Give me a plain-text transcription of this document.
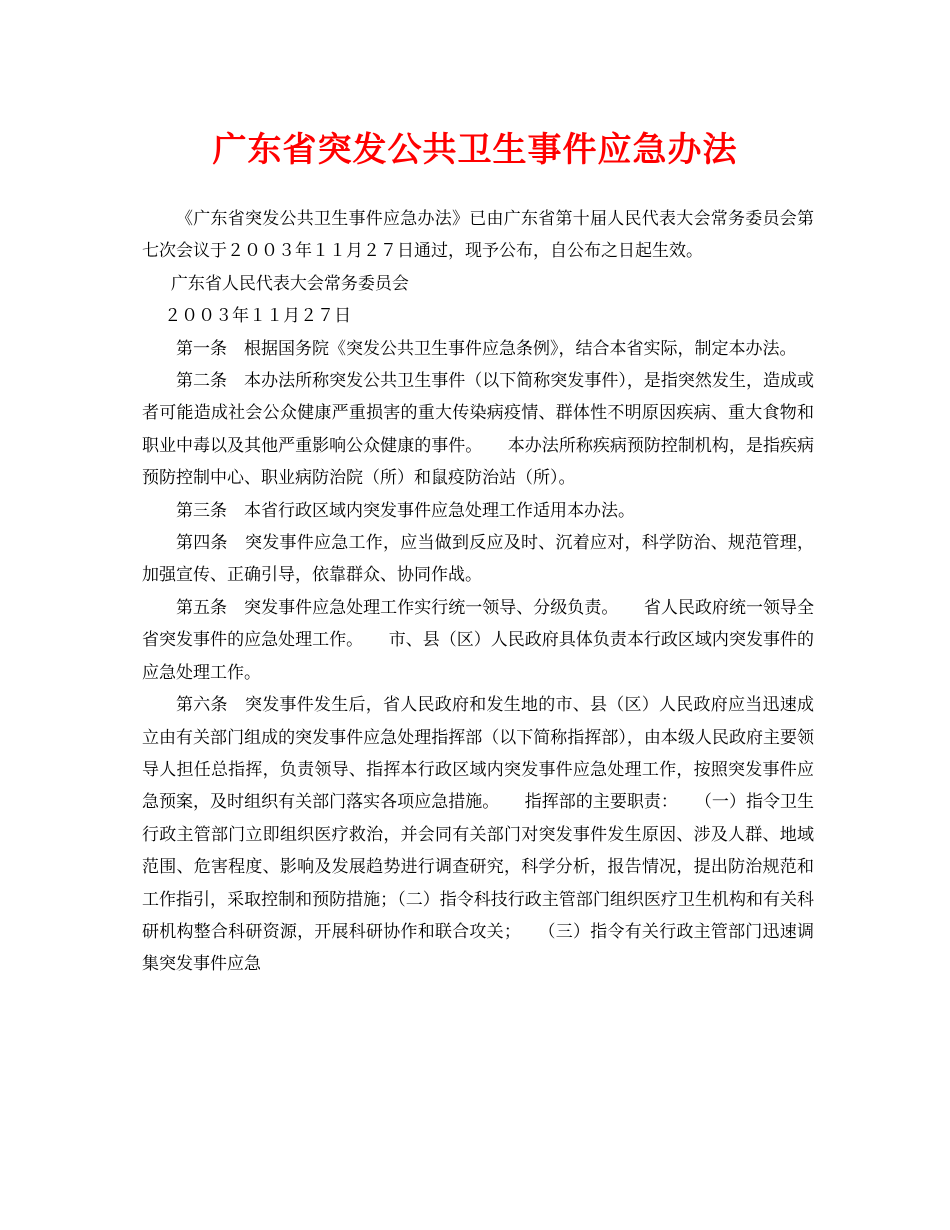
广东省突发公共卫生事件应急办法

《广东省突发公共卫生事件应急办法》已由广东省第十届人民代表大会常务委员会第七次会议于２００３年１１月２７日通过，现予公布，自公布之日起生效。

广东省人民代表大会常务委员会

２００３年１１月２７日

第一条　根据国务院《突发公共卫生事件应急条例》，结合本省实际，制定本办法。

第二条　本办法所称突发公共卫生事件（以下简称突发事件），是指突然发生，造成或者可能造成社会公众健康严重损害的重大传染病疫情、群体性不明原因疾病、重大食物和职业中毒以及其他严重影响公众健康的事件。　　本办法所称疾病预防控制机构，是指疾病预防控制中心、职业病防治院（所）和鼠疫防治站（所）。

第三条　本省行政区域内突发事件应急处理工作适用本办法。

第四条　突发事件应急工作，应当做到反应及时、沉着应对，科学防治、规范管理，加强宣传、正确引导，依靠群众、协同作战。

第五条　突发事件应急处理工作实行统一领导、分级负责。　　省人民政府统一领导全省突发事件的应急处理工作。　　市、县（区）人民政府具体负责本行政区域内突发事件的应急处理工作。

第六条　突发事件发生后，省人民政府和发生地的市、县（区）人民政府应当迅速成立由有关部门组成的突发事件应急处理指挥部（以下简称指挥部），由本级人民政府主要领导人担任总指挥，负责领导、指挥本行政区域内突发事件应急处理工作，按照突发事件应急预案，及时组织有关部门落实各项应急措施。　　指挥部的主要职责：　　（一）指令卫生行政主管部门立即组织医疗救治，并会同有关部门对突发事件发生原因、涉及人群、地域范围、危害程度、影响及发展趋势进行调查研究，科学分析，报告情况，提出防治规范和工作指引，采取控制和预防措施；（二）指令科技行政主管部门组织医疗卫生机构和有关科研机构整合科研资源，开展科研协作和联合攻关；　　（三）指令有关行政主管部门迅速调集突发事件应急
